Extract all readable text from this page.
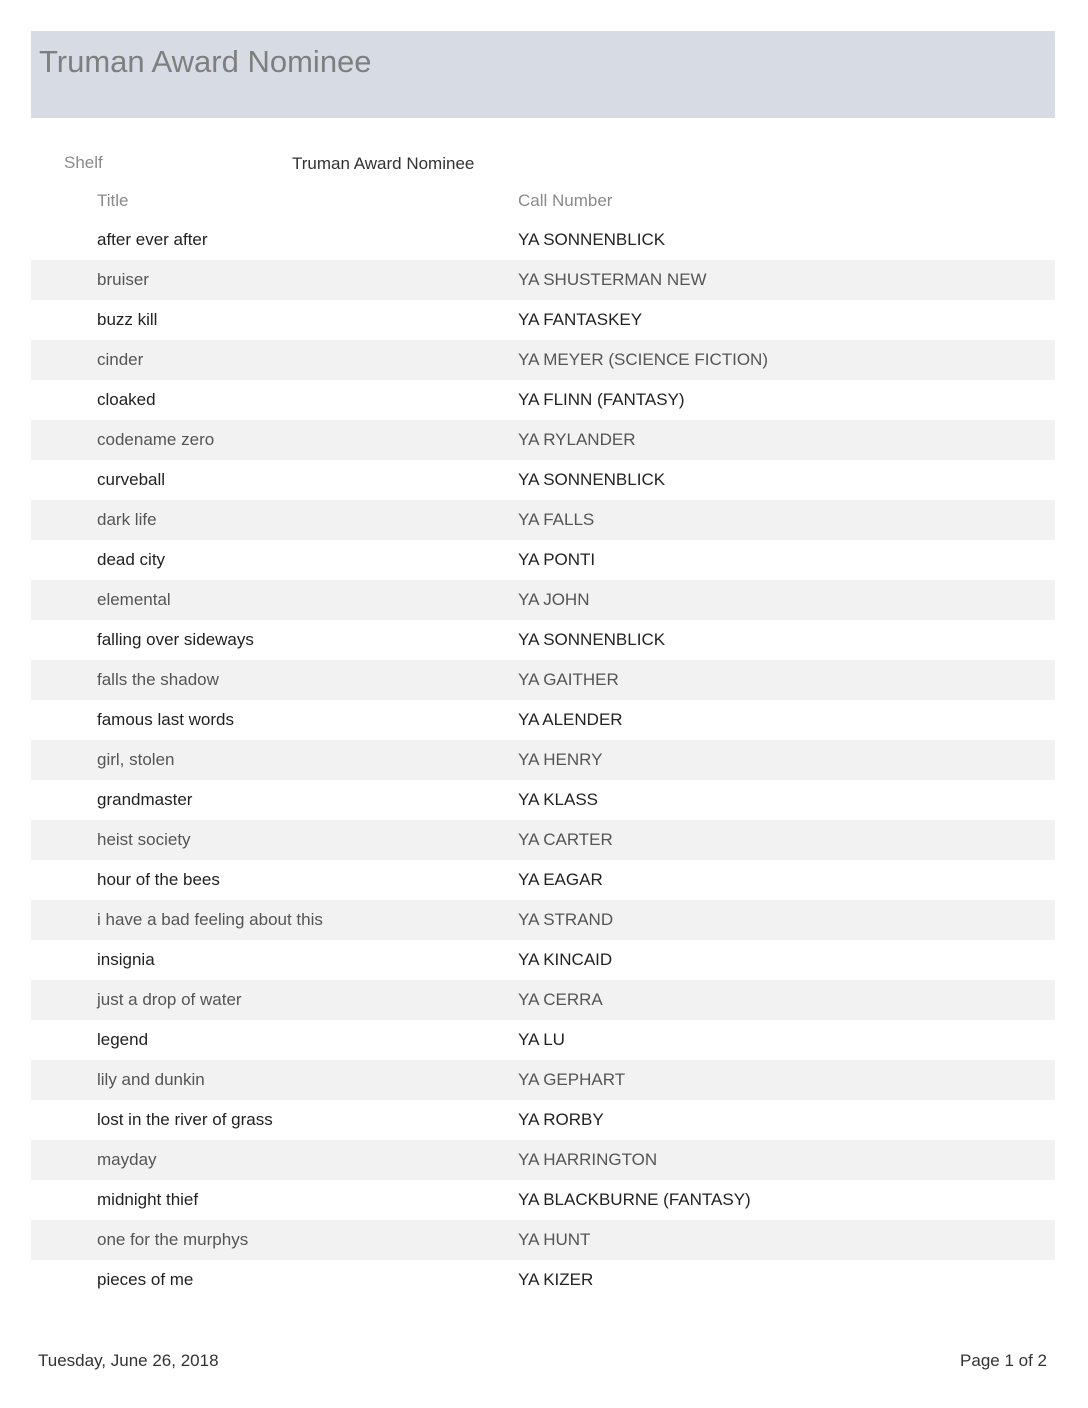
Truman Award Nominee
Shelf	Truman Award Nominee
Title	Call Number
after ever after	YA SONNENBLICK
bruiser	YA SHUSTERMAN NEW
buzz kill	YA FANTASKEY
cinder	YA MEYER (SCIENCE FICTION)
cloaked	YA FLINN (FANTASY)
codename zero	YA RYLANDER
curveball	YA SONNENBLICK
dark life	YA FALLS
dead city	YA PONTI
elemental	YA JOHN
falling over sideways	YA SONNENBLICK
falls the shadow	YA GAITHER
famous last words	YA ALENDER
girl, stolen	YA HENRY
grandmaster	YA KLASS
heist society	YA CARTER
hour of the bees	YA EAGAR
i have a bad feeling about this	YA STRAND
insignia	YA KINCAID
just a drop of water	YA CERRA
legend	YA LU
lily and dunkin	YA GEPHART
lost in the river of grass	YA RORBY
mayday	YA HARRINGTON
midnight thief	YA BLACKBURNE (FANTASY)
one for the murphys	YA HUNT
pieces of me	YA KIZER
Tuesday, June 26, 2018	Page 1 of 2
